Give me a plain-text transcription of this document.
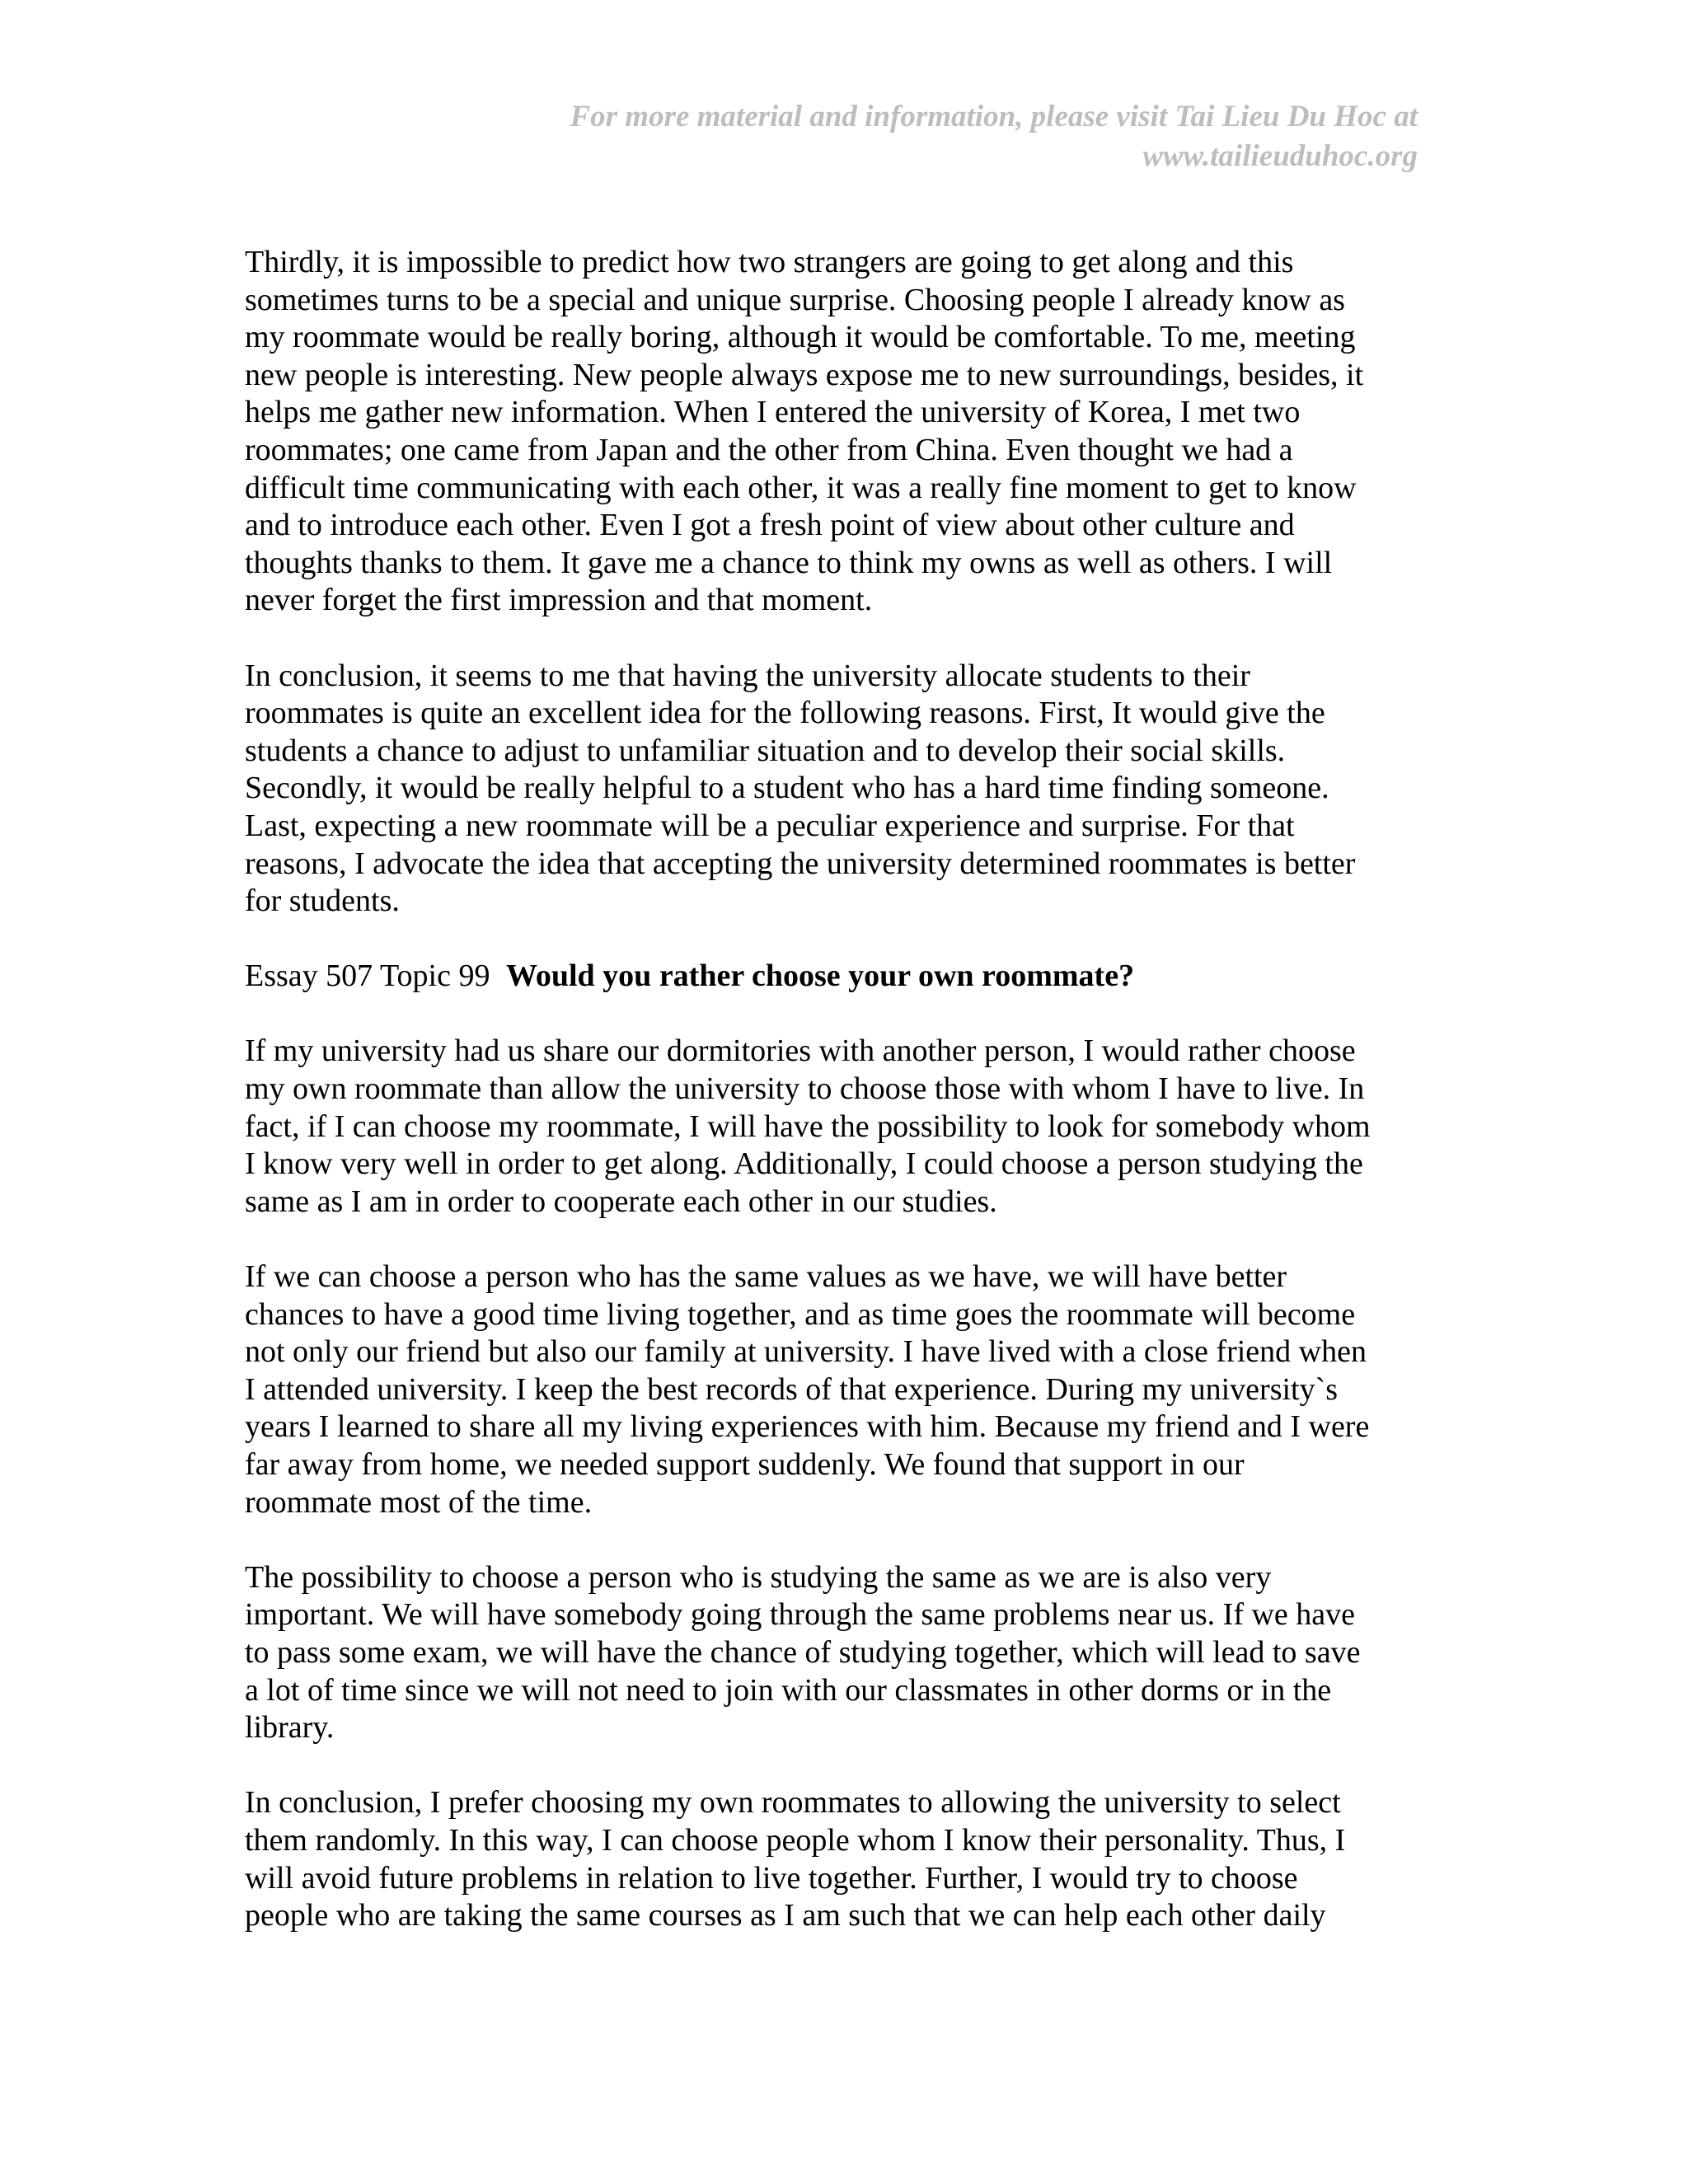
For more material and information, please visit Tai Lieu Du Hoc at
www.tailieuduhoc.org
Thirdly, it is impossible to predict how two strangers are going to get along and this
sometimes turns to be a special and unique surprise. Choosing people I already know as
my roommate would be really boring, although it would be comfortable. To me, meeting
new people is interesting. New people always expose me to new surroundings, besides, it
helps me gather new information. When I entered the university of Korea, I met two
roommates; one came from Japan and the other from China. Even thought we had a
difficult time communicating with each other, it was a really fine moment to get to know
and to introduce each other. Even I got a fresh point of view about other culture and
thoughts thanks to them. It gave me a chance to think my owns as well as others. I will
never forget the first impression and that moment.
In conclusion, it seems to me that having the university allocate students to their
roommates is quite an excellent idea for the following reasons. First, It would give the
students a chance to adjust to unfamiliar situation and to develop their social skills.
Secondly, it would be really helpful to a student who has a hard time finding someone.
Last, expecting a new roommate will be a peculiar experience and surprise. For that
reasons, I advocate the idea that accepting the university determined roommates is better
for students.
Essay 507 Topic 99 Would you rather choose your own roommate?
If my university had us share our dormitories with another person, I would rather choose
my own roommate than allow the university to choose those with whom I have to live. In
fact, if I can choose my roommate, I will have the possibility to look for somebody whom
I know very well in order to get along. Additionally, I could choose a person studying the
same as I am in order to cooperate each other in our studies.
If we can choose a person who has the same values as we have, we will have better
chances to have a good time living together, and as time goes the roommate will become
not only our friend but also our family at university. I have lived with a close friend when
I attended university. I keep the best records of that experience. During my university`s
years I learned to share all my living experiences with him. Because my friend and I were
far away from home, we needed support suddenly. We found that support in our
roommate most of the time.
The possibility to choose a person who is studying the same as we are is also very
important. We will have somebody going through the same problems near us. If we have
to pass some exam, we will have the chance of studying together, which will lead to save
a lot of time since we will not need to join with our classmates in other dorms or in the
library.
In conclusion, I prefer choosing my own roommates to allowing the university to select
them randomly. In this way, I can choose people whom I know their personality. Thus, I
will avoid future problems in relation to live together. Further, I would try to choose
people who are taking the same courses as I am such that we can help each other daily
